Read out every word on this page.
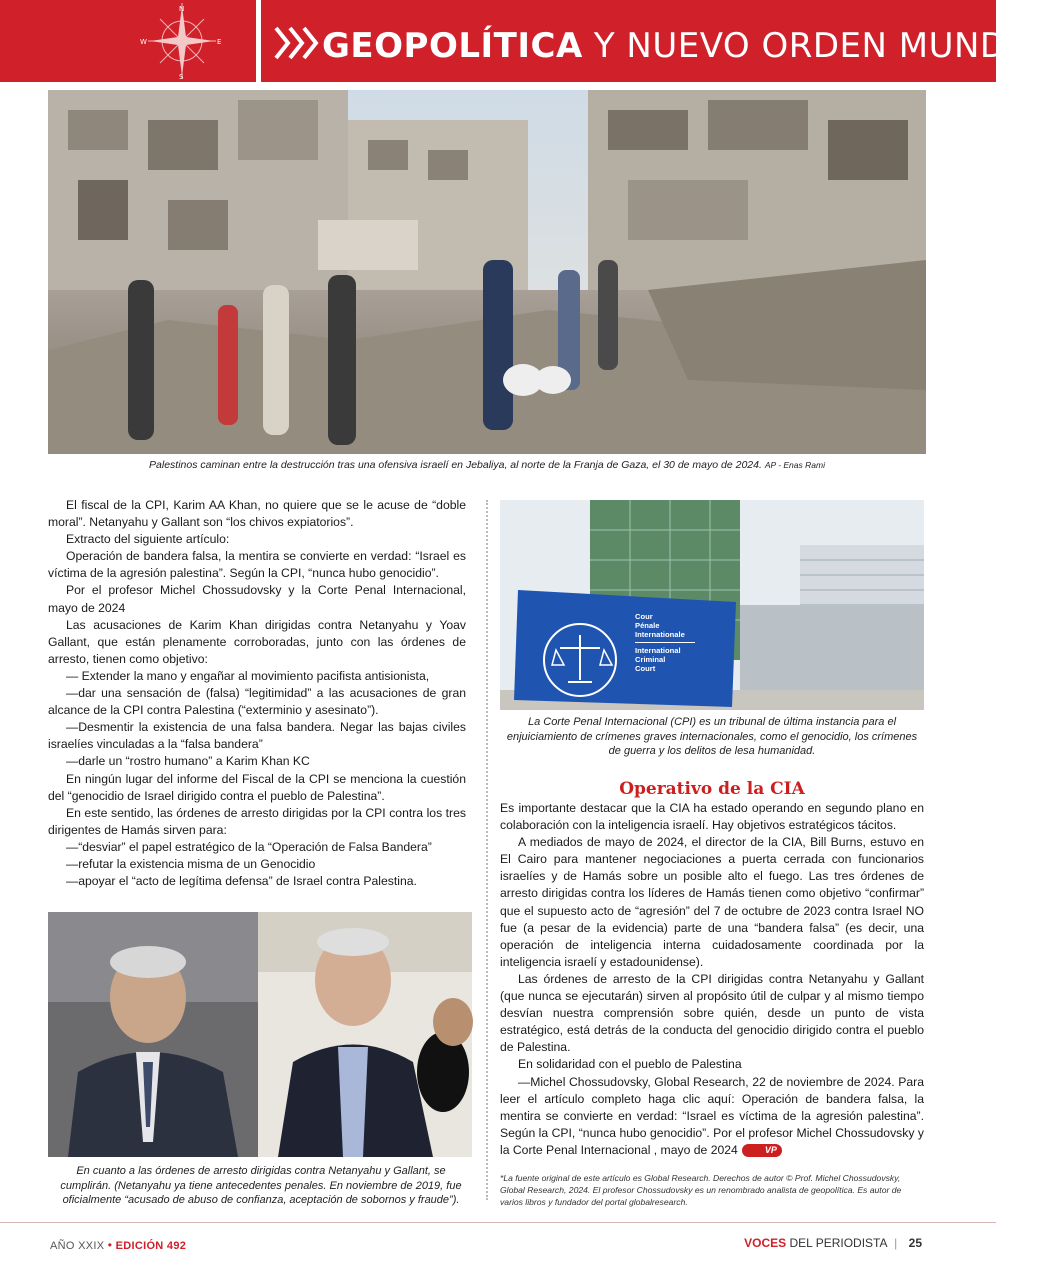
N
E
W
S
GEOPOLÍTICA Y NUEVO ORDEN MUNDIAL
Palestinos caminan entre la destrucción tras una ofensiva israelí en Jebaliya, al norte de la Franja de Gaza, el 30 de mayo de 2024. AP - Enas Rami

El fiscal de la CPI, Karim AA Khan, no quiere que se le acuse de “doble moral”. Netanyahu y Gallant son “los chivos expiatorios”.

Extracto del siguiente artículo:

Operación de bandera falsa, la mentira se convierte en verdad: “Israel es víctima de la agresión palestina”. Según la CPI, “nunca hubo genocidio”.

Por el profesor Michel Chossudovsky y la Corte Penal Internacional, mayo de 2024

Las acusaciones de Karim Khan dirigidas contra Netanyahu y Yoav Gallant, que están plenamente corroboradas, junto con las órdenes de arresto, tienen como objetivo:

— Extender la mano y engañar al movimiento pacifista antisionista,

—dar una sensación de (falsa) “legitimidad” a las acusaciones de gran alcance de la CPI contra Palestina (“exterminio y asesinato”).

—Desmentir la existencia de una falsa bandera. Negar las bajas civiles israelíes vinculadas a la “falsa bandera”

—darle un “rostro humano” a Karim Khan KC

En ningún lugar del informe del Fiscal de la CPI se menciona la cuestión del “genocidio de Israel dirigido contra el pueblo de Palestina”.

En este sentido, las órdenes de arresto dirigidas por la CPI contra los tres dirigentes de Hamás sirven para:

—“desviar” el papel estratégico de la “Operación de Falsa Bandera”

—refutar la existencia misma de un Genocidio

—apoyar el “acto de legítima defensa” de Israel contra Palestina.

En cuanto a las órdenes de arresto dirigidas contra Netanyahu y Gallant, se cumplirán. (Netanyahu ya tiene antecedentes penales. En noviembre de 2019, fue oficialmente “acusado de abuso de confianza, aceptación de sobornos y fraude”).
Cour
Pénale
Internationale
International
Criminal
Court
La Corte Penal Internacional (CPI) es un tribunal de última instancia para el enjuiciamiento de crímenes graves internacionales, como el genocidio, los crímenes de guerra y los delitos de lesa humanidad.
Operativo de la CIA

Es importante destacar que la CIA ha estado operando en segundo plano en colaboración con la inteligencia israelí. Hay objetivos estratégicos tácitos.

A mediados de mayo de 2024, el director de la CIA, Bill Burns, estuvo en El Cairo para mantener negociaciones a puerta cerrada con funcionarios israelíes y de Hamás sobre un posible alto el fuego. Las tres órdenes de arresto dirigidas contra los líderes de Hamás tienen como objetivo “confirmar” que el supuesto acto de “agresión” del 7 de octubre de 2023 contra Israel NO fue (a pesar de la evidencia) parte de una “bandera falsa” (es decir, una operación de inteligencia interna cuidadosamente coordinada por la inteligencia israelí y estadounidense).

Las órdenes de arresto de la CPI dirigidas contra Netanyahu y Gallant (que nunca se ejecutarán) sirven al propósito útil de culpar y al mismo tiempo desvían nuestra comprensión sobre quién, desde un punto de vista estratégico, está detrás de la conducta del genocidio dirigido contra el pueblo de Palestina.

En solidaridad con el pueblo de Palestina

—Michel Chossudovsky, Global Research, 22 de noviembre de 2024. Para leer el artículo completo haga clic aquí: Operación de bandera falsa, la mentira se convierte en verdad: “Israel es víctima de la agresión palestina”. Según la CPI, “nunca hubo genocidio”. Por el profesor Michel Chossudovsky y la Corte Penal Internacional , mayo de 2024	VP

*La fuente original de este artículo es Global Research. Derechos de autor © Prof. Michel Chossudovsky, Global Research, 2024. El profesor Chossudovsky es un renombrado analista de geopolítica. Es autor de varios libros y fundador del portal globalresearch.
AÑO XXIX • EDICIÓN 492	VOCES DEL PERIODISTA | 25
